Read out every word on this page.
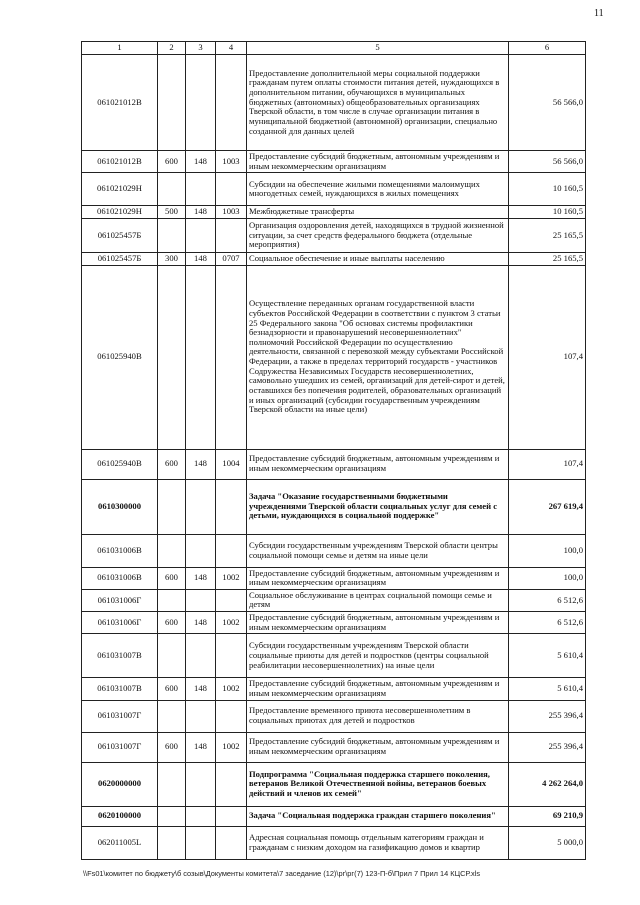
11
1	2	3	4	5	6
061021012В				Предоставление дополнительной меры социальной поддержки гражданам путем оплаты стоимости питания детей, нуждающихся в дополнительном питании, обучающихся в муниципальных бюджетных (автономных) общеобразовательных организациях Тверской области, в том числе в случае организации питания в муниципальной бюджетной (автономной) организации, специально созданной для данных целей	56 566,0
061021012В	600	148	1003	Предоставление субсидий бюджетным, автономным учреждениям и иным некоммерческим организациям	56 566,0
061021029Н				Субсидии на обеспечение жилыми помещениями малоимущих многодетных семей, нуждающихся в жилых помещениях	10 160,5
061021029Н	500	148	1003	Межбюджетные трансферты	10 160,5
061025457Б				Организация оздоровления детей, находящихся в трудной жизненной ситуации, за счет средств федерального бюджета (отдельные мероприятия)	25 165,5
061025457Б	300	148	0707	Социальное обеспечение и иные выплаты населению	25 165,5
061025940В				Осуществление переданных органам государственной власти субъектов Российской Федерации в соответствии с пунктом 3 статьи 25 Федерального закона "Об основах системы профилактики безнадзорности и правонарушений несовершеннолетних" полномочий Российской Федерации по осуществлению деятельности, связанной с перевозкой между субъектами Российской Федерации, а также в пределах территорий государств - участников Содружества Независимых Государств несовершеннолетних, самовольно ушедших из семей, организаций для детей-сирот и детей, оставшихся без попечения родителей, образовательных организаций и иных организаций (субсидии государственным учреждениям Тверской области на иные цели)	107,4
061025940В	600	148	1004	Предоставление субсидий бюджетным, автономным учреждениям и иным некоммерческим организациям	107,4
0610300000				Задача "Оказание государственными бюджетными учреждениями Тверской области социальных услуг для семей с детьми, нуждающихся в социальной поддержке"	267 619,4
061031006В				Субсидии государственным учреждениям Тверской области центры социальной помощи семье и детям на иные цели	100,0
061031006В	600	148	1002	Предоставление субсидий бюджетным, автономным учреждениям и иным некоммерческим организациям	100,0
061031006Г				Социальное обслуживание в центрах социальной помощи семье и детям	6 512,6
061031006Г	600	148	1002	Предоставление субсидий бюджетным, автономным учреждениям и иным некоммерческим организациям	6 512,6
061031007В				Субсидии государственным учреждениям Тверской области социальные приюты для детей и подростков (центры социальной реабилитации несовершеннолетних) на иные цели	5 610,4
061031007В	600	148	1002	Предоставление субсидий бюджетным, автономным учреждениям и иным некоммерческим организациям	5 610,4
061031007Г				Предоставление временного приюта несовершеннолетним в социальных приютах для детей и подростков	255 396,4
061031007Г	600	148	1002	Предоставление субсидий бюджетным, автономным учреждениям и иным некоммерческим организациям	255 396,4
0620000000				Подпрограмма "Социальная поддержка старшего поколения, ветеранов Великой Отечественной войны, ветеранов боевых действий и членов их семей"	4 262 264,0
0620100000				Задача "Социальная поддержка граждан старшего поколения"	69 210,9
062011005L				Адресная социальная помощь отдельным категориям граждан и гражданам с низким доходом на газификацию домов и квартир	5 000,0
\\Fs01\комитет по бюджету\б созыв\Документы комитета\7 заседание (12)\рг\рг(7) 123-П-б\Прил 7 Прил 14 КЦСР.xls
